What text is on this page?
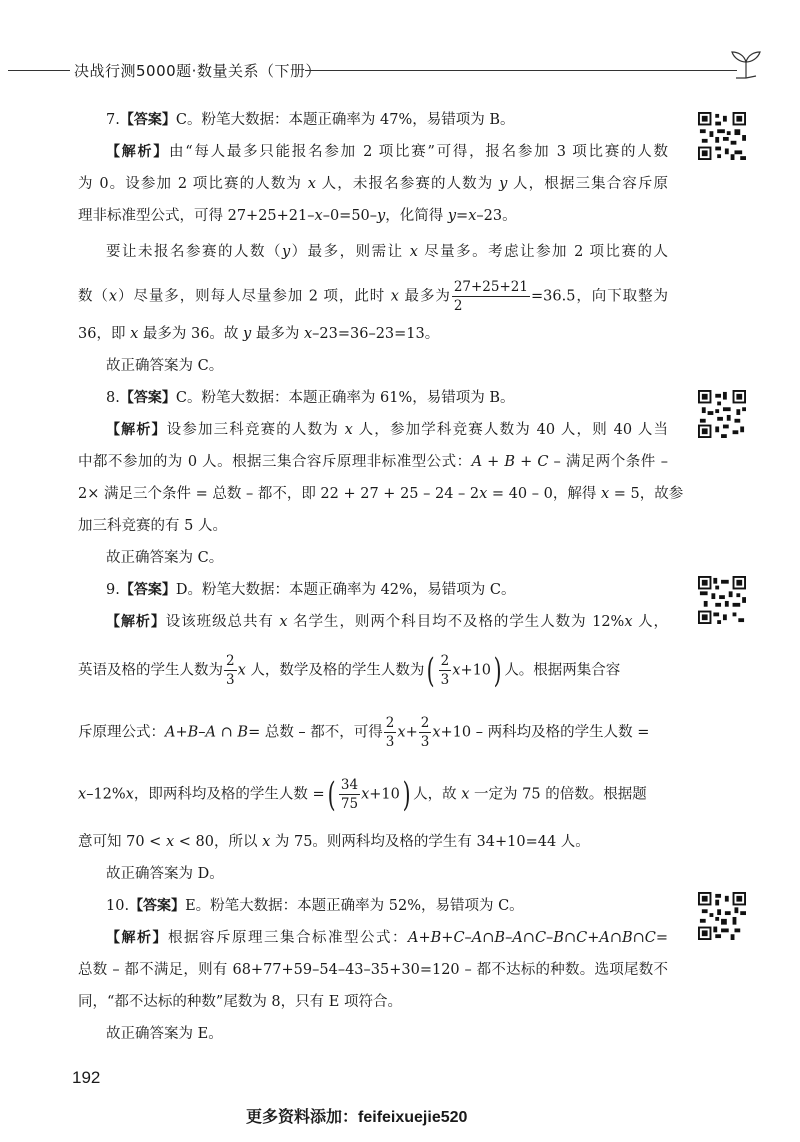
决战行测5000题·数量关系（下册）
7.【答案】C。粉笔大数据：本题正确率为 47%，易错项为 B。
【解析】由“每人最多只能报名参加 2 项比赛”可得，报名参加 3 项比赛的人数
为 0。设参加 2 项比赛的人数为 x 人，未报名参赛的人数为 y 人，根据三集合容斥原
理非标准型公式，可得 27+25+21–x–0=50–y，化简得 y=x–23。
要让未报名参赛的人数（y）最多，则需让 x 尽量多。考虑让参加 2 项比赛的人
数（x）尽量多，则每人尽量参加 2 项，此时 x 最多为 $\frac{27+25+21}{2} =36.5$，向下取整为
36，即 x 最多为 36。故 y 最多为 x–23=36–23=13。
故正确答案为 C。
8.【答案】C。粉笔大数据：本题正确率为 61%，易错项为 B。
【解析】设参加三科竞赛的人数为 x 人，参加学科竞赛人数为 40 人，则 40 人当
中都不参加的为 0 人。根据三集合容斥原理非标准型公式：A + B + C – 满足两个条件 –
2× 满足三个条件 = 总数 – 都不，即 22 + 27 + 25 – 24 – 2x = 40 – 0，解得 x = 5，故参
加三科竞赛的有 5 人。
故正确答案为 C。
9.【答案】D。粉笔大数据：本题正确率为 42%，易错项为 C。
【解析】设该班级总共有 x 名学生，则两个科目均不及格的学生人数为 12%x 人，
英语及格的学生人数为 $\frac{2}{3}$ x 人，数学及格的学生人数为( $\frac{2}{3} x+10$) 人。根据两集合容
斥原理公式：A+B–A ∩ B= 总数 – 都不，可得 $\frac{2}{3} x+ \frac{2}{3} x+10$ – 两科均及格的学生人数 =
x–12%x，即两科均及格的学生人数 =( $\frac{34}{75} x+10$) 人，故 x 一定为 75 的倍数。根据题
意可知 70 < x < 80，所以 x 为 75。则两科均及格的学生有 34+10=44 人。
故正确答案为 D。
10.【答案】E。粉笔大数据：本题正确率为 52%，易错项为 C。
【解析】根据容斥原理三集合标准型公式：A+B+C–A∩B–A∩C–B∩C+A∩B∩C=
总数 – 都不满足，则有 68+77+59–54–43–35+30=120 – 都不达标的种数。选项尾数不
同，“都不达标的种数”尾数为 8，只有 E 项符合。
故正确答案为 E。
192
更多资料添加：feifeixuejie520
